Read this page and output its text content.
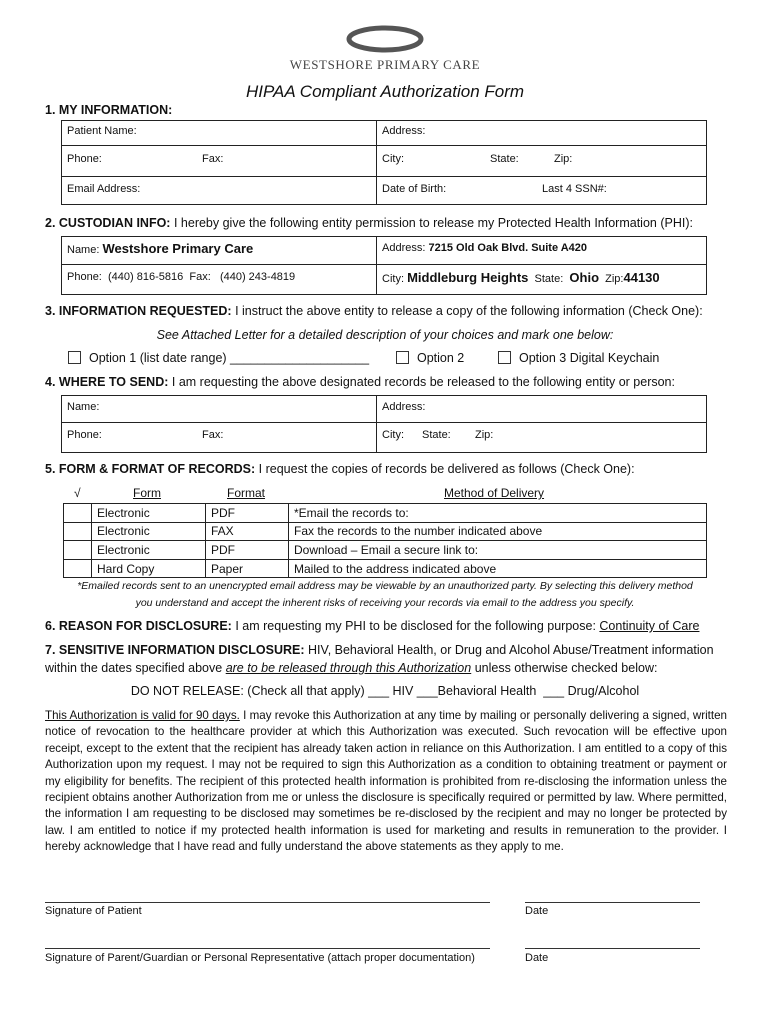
WESTSHORE PRIMARY CARE
HIPAA Compliant Authorization Form
1. MY INFORMATION:
Patient Name:	Address:
Phone: Fax:	City: State: Zip:
Email Address:	Date of Birth: Last 4 SSN#:
2. CUSTODIAN INFO: I hereby give the following entity permission to release my Protected Health Information (PHI):
Name: Westshore Primary Care	Address: 7215 Old Oak Blvd. Suite A420
Phone: (440) 816-5816 Fax: (440) 243-4819	City: Middleburg Heights State: Ohio Zip:44130
3. INFORMATION REQUESTED: I instruct the above entity to release a copy of the following information (Check One):
See Attached Letter for a detailed description of your choices and mark one below:
Option 1 (list date range) ____________________	Option 2	Option 3 Digital Keychain
4. WHERE TO SEND: I am requesting the above designated records be released to the following entity or person:
Name:	Address:
Phone: Fax:	City: State: Zip:
5. FORM & FORMAT OF RECORDS: I request the copies of records be delivered as follows (Check One):
√	Form	Format	Method of Delivery
	Electronic	PDF	*Email the records to:
	Electronic	FAX	Fax the records to the number indicated above
	Electronic	PDF	Download – Email a secure link to:
	Hard Copy	Paper	Mailed to the address indicated above
*Emailed records sent to an unencrypted email address may be viewable by an unauthorized party. By selecting this delivery method
you understand and accept the inherent risks of receiving your records via email to the address you specify.
6. REASON FOR DISCLOSURE: I am requesting my PHI to be disclosed for the following purpose: Continuity of Care
7. SENSITIVE INFORMATION DISCLOSURE: HIV, Behavioral Health, or Drug and Alcohol Abuse/Treatment information
within the dates specified above are to be released through this Authorization unless otherwise checked below:
DO NOT RELEASE: (Check all that apply) ___ HIV ___Behavioral Health  ___ Drug/Alcohol
This Authorization is valid for 90 days. I may revoke this Authorization at any time by mailing or personally delivering a signed, written notice of revocation to the healthcare provider at which this Authorization was executed. Such revocation will be effective upon receipt, except to the extent that the recipient has already taken action in reliance on this Authorization. I am entitled to a copy of this Authorization upon my request. I may not be required to sign this Authorization as a condition to obtaining treatment or payment or my eligibility for benefits. The recipient of this protected health information is prohibited from re-disclosing the information unless the recipient obtains another Authorization from me or unless the disclosure is specifically required or permitted by law. Where permitted, the information I am requesting to be disclosed may sometimes be re-disclosed by the recipient and may no longer be protected by law. I am entitled to notice if my protected health information is used for marketing and results in remuneration to the provider. I hereby acknowledge that I have read and fully understand the above statements as they apply to me.
Signature of Patient	Date
Signature of Parent/Guardian or Personal Representative (attach proper documentation)	Date
